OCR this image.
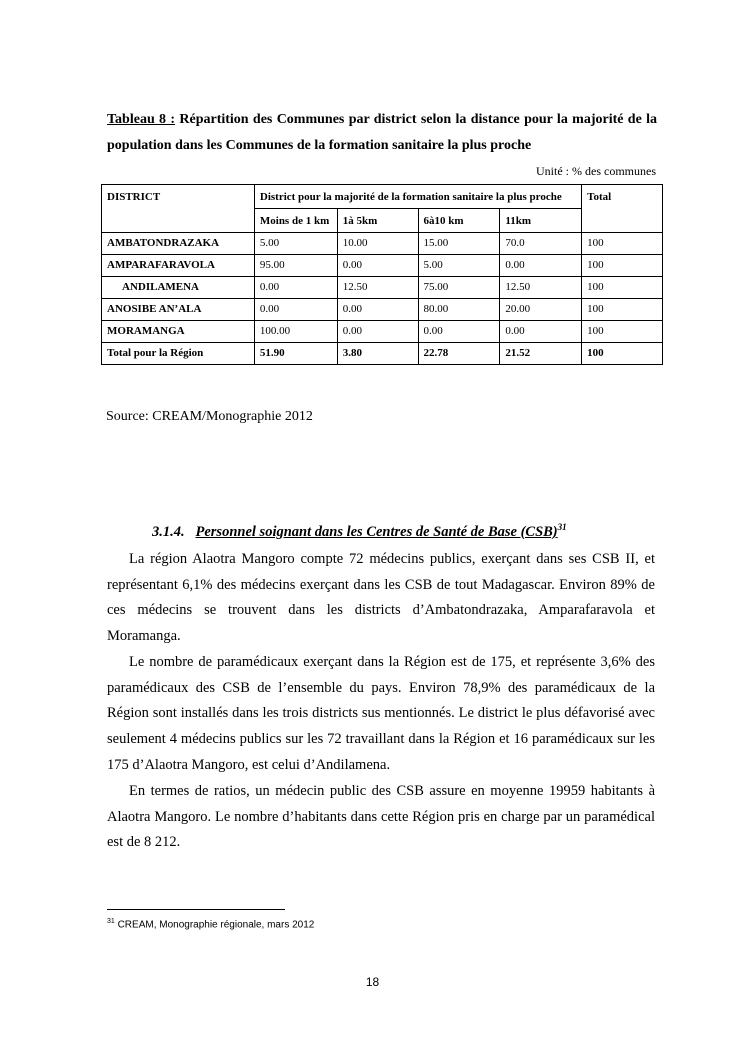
Tableau 8 : Répartition des Communes par district selon la distance pour la majorité de la population dans les Communes de la formation sanitaire la plus proche
Unité : % des communes
DISTRICT	District pour la majorité de la formation sanitaire la plus proche				Total
	Moins de 1 km	1à 5km	6à10 km	11km	
AMBATONDRAZAKA	5.00	10.00	15.00	70.0	100
AMPARAFARAVOLA	95.00	0.00	5.00	0.00	100
ANDILAMENA	0.00	12.50	75.00	12.50	100
ANOSIBE AN’ALA	0.00	0.00	80.00	20.00	100
MORAMANGA	100.00	0.00	0.00	0.00	100
Total pour la Région	51.90	3.80	22.78	21.52	100
Source: CREAM/Monographie 2012
3.1.4. Personnel soignant dans les Centres de Santé de Base (CSB)$^{31}$
La région Alaotra Mangoro compte 72 médecins publics, exerçant dans ses CSB II, et représentant 6,1% des médecins exerçant dans les CSB de tout Madagascar. Environ 89% de ces médecins se trouvent dans les districts d’Ambatondrazaka, Amparafaravola et Moramanga.
Le nombre de paramédicaux exerçant dans la Région est de 175, et représente 3,6% des paramédicaux des CSB de l’ensemble du pays. Environ 78,9% des paramédicaux de la Région sont installés dans les trois districts sus mentionnés. Le district le plus défavorisé avec seulement 4 médecins publics sur les 72 travaillant dans la Région et 16 paramédicaux sur les 175 d’Alaotra Mangoro, est celui d’Andilamena.
En termes de ratios, un médecin public des CSB assure en moyenne 19959 habitants à Alaotra Mangoro. Le nombre d’habitants dans cette Région pris en charge par un paramédical est de 8 212.
$^{31}$ CREAM, Monographie régionale, mars 2012
18
